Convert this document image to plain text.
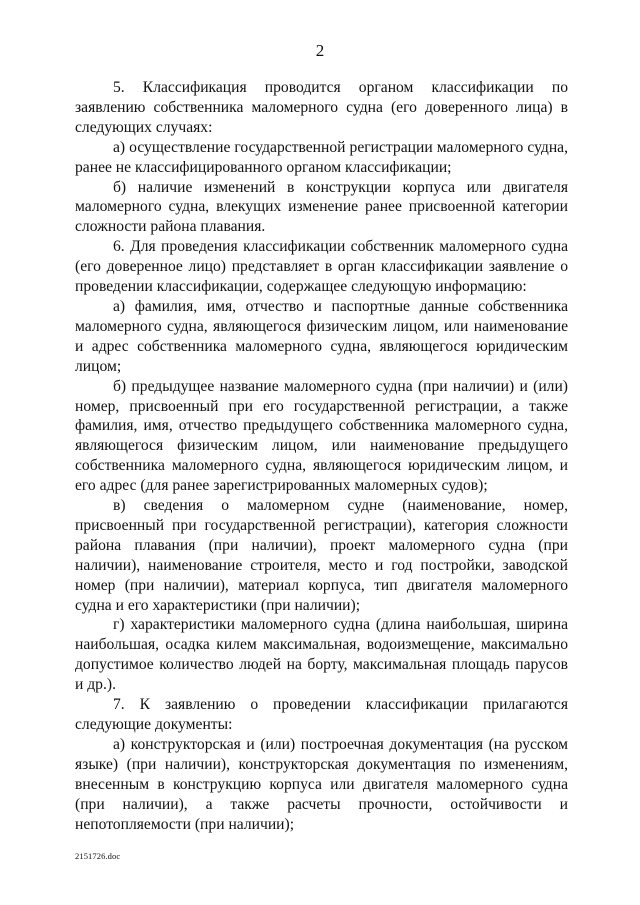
2

5. Классификация проводится органом классификации по заявлению собственника маломерного судна (его доверенного лица) в следующих случаях:

а) осуществление государственной регистрации маломерного судна, ранее не классифицированного органом классификации;

б) наличие изменений в конструкции корпуса или двигателя маломерного судна, влекущих изменение ранее присвоенной категории сложности района плавания.

6. Для проведения классификации собственник маломерного судна (его доверенное лицо) представляет в орган классификации заявление о проведении классификации, содержащее следующую информацию:

а) фамилия, имя, отчество и паспортные данные собственника маломерного судна, являющегося физическим лицом, или наименование и адрес собственника маломерного судна, являющегося юридическим лицом;

б) предыдущее название маломерного судна (при наличии) и (или) номер, присвоенный при его государственной регистрации, а также фамилия, имя, отчество предыдущего собственника маломерного судна, являющегося физическим лицом, или наименование предыдущего собственника маломерного судна, являющегося юридическим лицом, и его адрес (для ранее зарегистрированных маломерных судов);

в) сведения о маломерном судне (наименование, номер, присвоенный при государственной регистрации), категория сложности района плавания (при наличии), проект маломерного судна (при наличии), наименование строителя, место и год постройки, заводской номер (при наличии), материал корпуса, тип двигателя маломерного судна и его характеристики (при наличии);

г) характеристики маломерного судна (длина наибольшая, ширина наибольшая, осадка килем максимальная, водоизмещение, максимально допустимое количество людей на борту, максимальная площадь парусов и др.).

7. К заявлению о проведении классификации прилагаются следующие документы:

а) конструкторская и (или) построечная документация (на русском языке) (при наличии), конструкторская документация по изменениям, внесенным в конструкцию корпуса или двигателя маломерного судна (при наличии), а также расчеты прочности, остойчивости и непотопляемости (при наличии);

2151726.doc
